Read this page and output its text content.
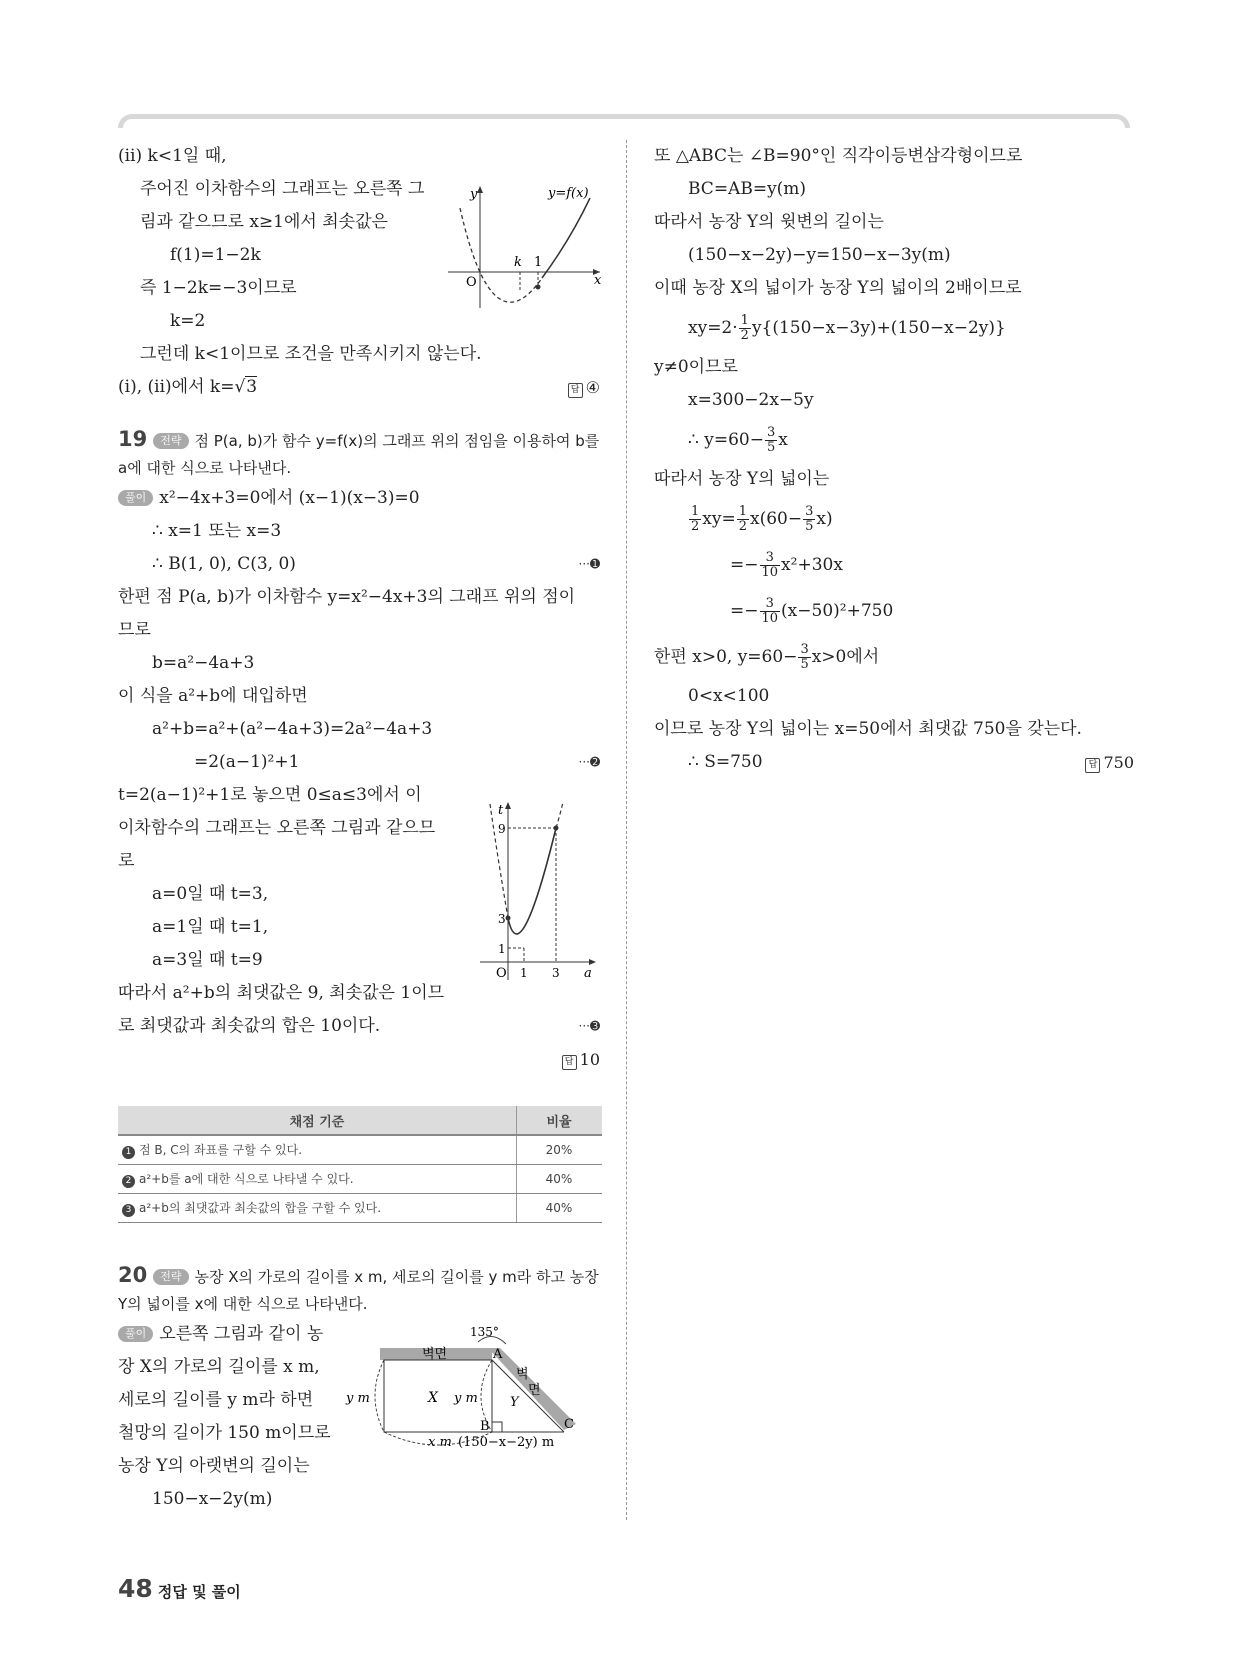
(ⅱ) k<1일 때,
주어진 이차함수의 그래프는 오른쪽 그
림과 같으므로 x≥1에서 최솟값은
f(1)=1−2k
즉 1−2k=−3이므로
k=2
그런데 k<1이므로 조건을 만족시키지 않는다.
(ⅰ), (ⅱ)에서 k=√3	답 ④
19 전략 점 P(a, b)가 함수 y=f(x)의 그래프 위의 점임을 이용하여 b를 a에 대한 식으로 나타낸다.
풀이 x²−4x+3=0에서 (x−1)(x−3)=0
∴ x=1 또는 x=3
∴ B(1, 0), C(3, 0)	···➊
한편 점 P(a, b)가 이차함수 y=x²−4x+3의 그래프 위의 점이
므로
b=a²−4a+3
이 식을 a²+b에 대입하면
a²+b=a²+(a²−4a+3)=2a²−4a+3
=2(a−1)²+1	···➋
t=2(a−1)²+1로 놓으면 0≤a≤3에서 이
이차함수의 그래프는 오른쪽 그림과 같으므
로
a=0일 때 t=3,
a=1일 때 t=1,
a=3일 때 t=9
따라서 a²+b의 최댓값은 9, 최솟값은 1이므
로 최댓값과 최솟값의 합은 10이다.	···➌

답 10
채점 기준	비율
1 점 B, C의 좌표를 구할 수 있다.	20%
2 a²+b를 a에 대한 식으로 나타낼 수 있다.	40%
3 a²+b의 최댓값과 최솟값의 합을 구할 수 있다.	40%
20 전략 농장 X의 가로의 길이를 x m, 세로의 길이를 y m라 하고 농장 Y의 넓이를 x에 대한 식으로 나타낸다.
풀이 오른쪽 그림과 같이 농
장 X의 가로의 길이를 x m,
세로의 길이를 y m라 하면
철망의 길이가 150 m이므로
농장 Y의 아랫변의 길이는
150−x−2y(m)
y	y=f(x)
O
k 1
x
t
9
3
1
O 1 3 a
135°
벽면	A
벽
면
y m	X y m Y
B	C
x m (150−x−2y) m
또 △ABC는 ∠B=90°인 직각이등변삼각형이므로
BC=AB=y(m)
따라서 농장 Y의 윗변의 길이는
(150−x−2y)−y=150−x−3y(m)
이때 농장 X의 넓이가 농장 Y의 넓이의 2배이므로
$xy=2\cdot \frac{1}{2} y\{(150-x-3y)+(150-x-2y)\}$
y≠0이므로
x=300−2x−5y
∴ $y=60- \frac{3}{5}$ x
따라서 농장 Y의 넓이는
$\frac{1}{2} xy= \frac{1}{2} x(60- \frac{3}{5} x)$
=− $\frac{3}{10} x^2+30x$
=− $\frac{3}{10} (x-50)^2+750$
한편 x>0, $y=60- \frac{3}{5} x>0$에서
0<x<100
이므로 농장 Y의 넓이는 x=50에서 최댓값 750을 갖는다.
∴ S=750	답 750
48 정답 및 풀이
